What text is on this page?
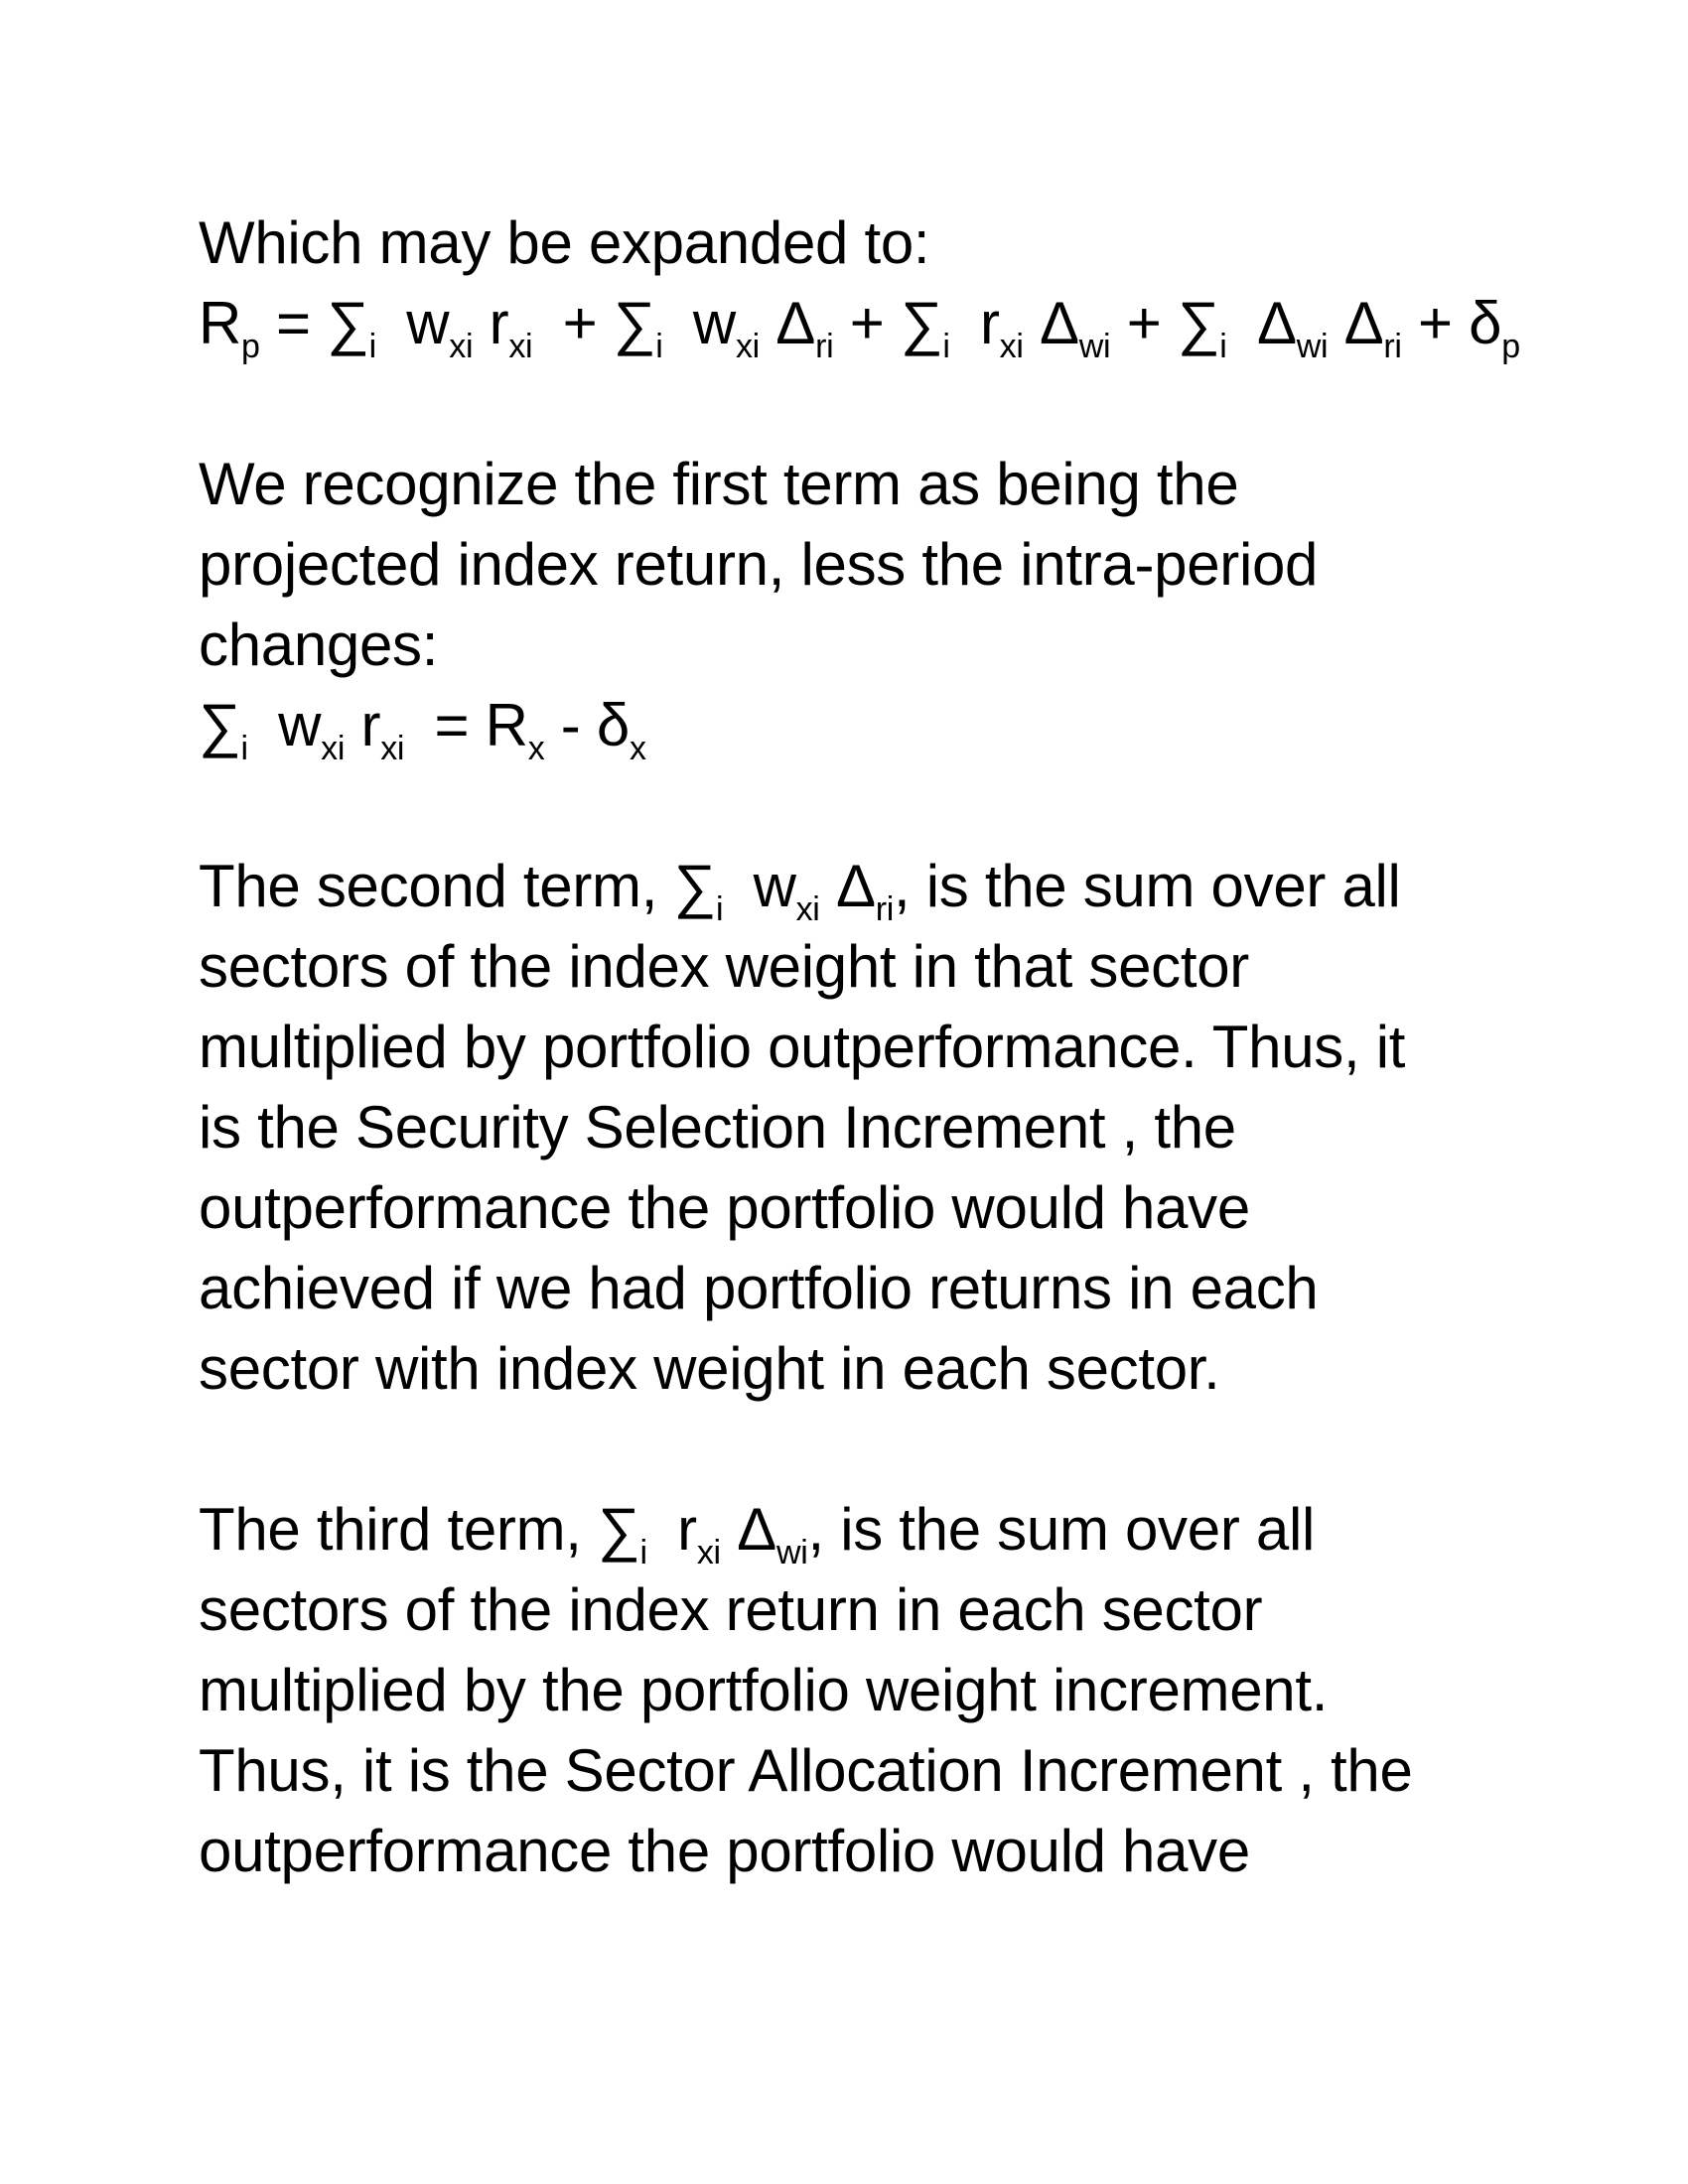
Which may be expanded to:
$R_p = \sum_i$ $w_{xi}$ $r_{xi} + \sum_i$ $w_{xi}$ $\Delta_{ri} + \sum_i$ $r_{xi}$ $\Delta_{wi} + \sum_i$ $\Delta_{wi}$ $\Delta_{ri} + \delta_p$
We recognize the first term as being the
projected index return, less the intra-period
changes:
$\sum_i$ $w_{xi}$ $r_{xi} = R_x - \delta_x$
The second term, $\sum_i$ $w_{xi}$ $\Delta_{ri}$, is the sum over all
sectors of the index weight in that sector
multiplied by portfolio outperformance. Thus, it
is the Security Selection Increment , the
outperformance the portfolio would have
achieved if we had portfolio returns in each
sector with index weight in each sector.
The third term, $\sum_i$ $r_{xi}$ $\Delta_{wi}$, is the sum over all
sectors of the index return in each sector
multiplied by the portfolio weight increment.
Thus, it is the Sector Allocation Increment , the
outperformance the portfolio would have
